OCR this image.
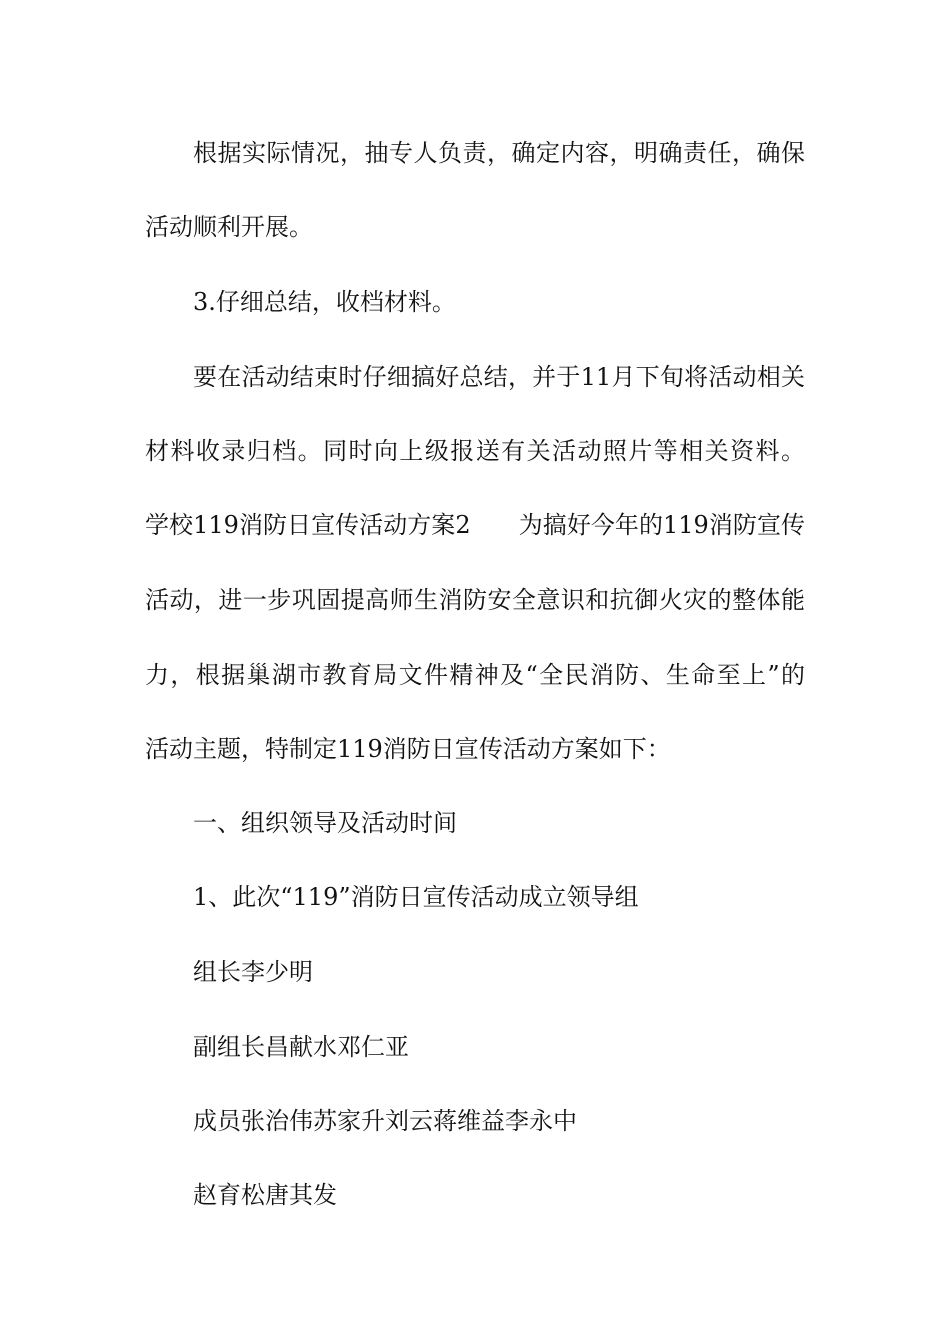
根据实际情况，抽专人负责，确定内容，明确责任，确保
活动顺利开展。
3.仔细总结，收档材料。
要在活动结束时仔细搞好总结，并于11月下旬将活动相关
材料收录归档。同时向上级报送有关活动照片等相关资料。
学校119消防日宣传活动方案2　　为搞好今年的119消防宣传
活动，进一步巩固提高师生消防安全意识和抗御火灾的整体能
力，根据巢湖市教育局文件精神及“全民消防、生命至上”的
活动主题，特制定119消防日宣传活动方案如下：
一、组织领导及活动时间
1、此次“119”消防日宣传活动成立领导组
组长李少明
副组长昌献水邓仁亚
成员张治伟苏家升刘云蒋维益李永中
赵育松唐其发
